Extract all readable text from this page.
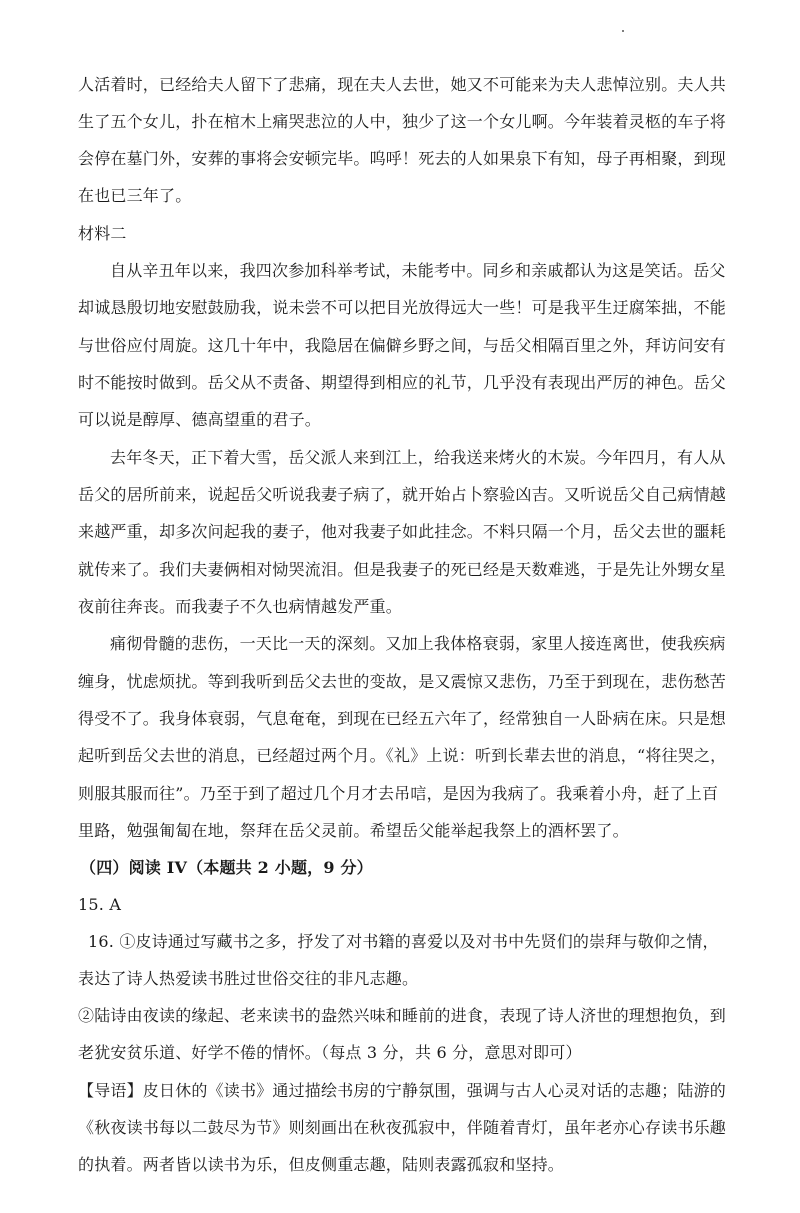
人活着时，已经给夫人留下了悲痛，现在夫人去世，她又不可能来为夫人悲悼泣别。夫人共
生了五个女儿，扑在棺木上痛哭悲泣的人中，独少了这一个女儿啊。今年装着灵柩的车子将
会停在墓门外，安葬的事将会安顿完毕。呜呼！死去的人如果泉下有知，母子再相聚，到现
在也已三年了。
材料二
自从辛丑年以来，我四次参加科举考试，未能考中。同乡和亲戚都认为这是笑话。岳父
却诚恳殷切地安慰鼓励我，说未尝不可以把目光放得远大一些！可是我平生迂腐笨拙，不能
与世俗应付周旋。这几十年中，我隐居在偏僻乡野之间，与岳父相隔百里之外，拜访问安有
时不能按时做到。岳父从不责备、期望得到相应的礼节，几乎没有表现出严厉的神色。岳父
可以说是醇厚、德高望重的君子。
去年冬天，正下着大雪，岳父派人来到江上，给我送来烤火的木炭。今年四月，有人从
岳父的居所前来，说起岳父听说我妻子病了，就开始占卜察验凶吉。又听说岳父自己病情越
来越严重，却多次问起我的妻子，他对我妻子如此挂念。不料只隔一个月，岳父去世的噩耗
就传来了。我们夫妻俩相对恸哭流泪。但是我妻子的死已经是天数难逃，于是先让外甥女星
夜前往奔丧。而我妻子不久也病情越发严重。
痛彻骨髓的悲伤，一天比一天的深刻。又加上我体格衰弱，家里人接连离世，使我疾病
缠身，忧虑烦扰。等到我听到岳父去世的变故，是又震惊又悲伤，乃至于到现在，悲伤愁苦
得受不了。我身体衰弱，气息奄奄，到现在已经五六年了，经常独自一人卧病在床。只是想
起听到岳父去世的消息，已经超过两个月。《礼》上说：听到长辈去世的消息，“将往哭之，
则服其服而往”。乃至于到了超过几个月才去吊唁，是因为我病了。我乘着小舟，赶了上百
里路，勉强匍匐在地，祭拜在岳父灵前。希望岳父能举起我祭上的酒杯罢了。
（四）阅读 IV（本题共 2 小题，9 分）
15. A
16. ①皮诗通过写藏书之多，抒发了对书籍的喜爱以及对书中先贤们的崇拜与敬仰之情，
表达了诗人热爱读书胜过世俗交往的非凡志趣。
②陆诗由夜读的缘起、老来读书的盎然兴味和睡前的进食，表现了诗人济世的理想抱负，到
老犹安贫乐道、好学不倦的情怀。（每点 3 分，共 6 分，意思对即可）
【导语】皮日休的《读书》通过描绘书房的宁静氛围，强调与古人心灵对话的志趣；陆游的
《秋夜读书每以二鼓尽为节》则刻画出在秋夜孤寂中，伴随着青灯，虽年老亦心存读书乐趣
的执着。两者皆以读书为乐，但皮侧重志趣，陆则表露孤寂和坚持。
